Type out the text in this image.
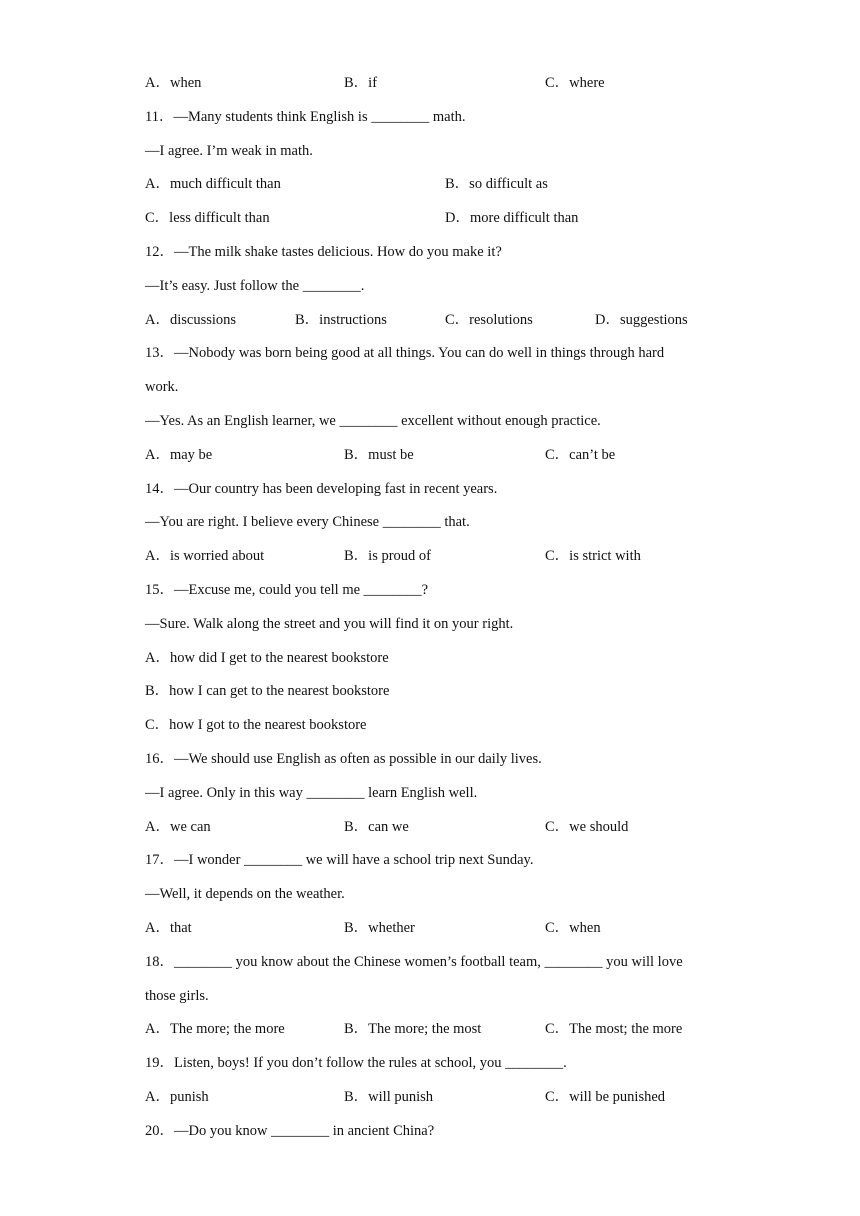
A．when	B．if	C．where
11．—Many students think English is ________ math.
—I agree. I’m weak in math.
A．much difficult than	B．so difficult as
C．less difficult than	D．more difficult than
12．—The milk shake tastes delicious. How do you make it?
—It’s easy. Just follow the ________.
A．discussions	B．instructions	C．resolutions	D．suggestions
13．—Nobody was born being good at all things. You can do well in things through hard
work.
—Yes. As an English learner, we ________ excellent without enough practice.
A．may be	B．must be	C．can’t be
14．—Our country has been developing fast in recent years.
—You are right. I believe every Chinese ________ that.
A．is worried about	B．is proud of	C．is strict with
15．—Excuse me, could you tell me ________?
—Sure. Walk along the street and you will find it on your right.
A．how did I get to the nearest bookstore
B．how I can get to the nearest bookstore
C．how I got to the nearest bookstore
16．—We should use English as often as possible in our daily lives.
—I agree. Only in this way ________ learn English well.
A．we can	B．can we	C．we should
17．—I wonder ________ we will have a school trip next Sunday.
—Well, it depends on the weather.
A．that	B．whether	C．when
18．________ you know about the Chinese women’s football team, ________ you will love
those girls.
A．The more; the more	B．The more; the most	C．The most; the more
19．Listen, boys! If you don’t follow the rules at school, you ________.
A．punish	B．will punish	C．will be punished
20．—Do you know ________ in ancient China?
